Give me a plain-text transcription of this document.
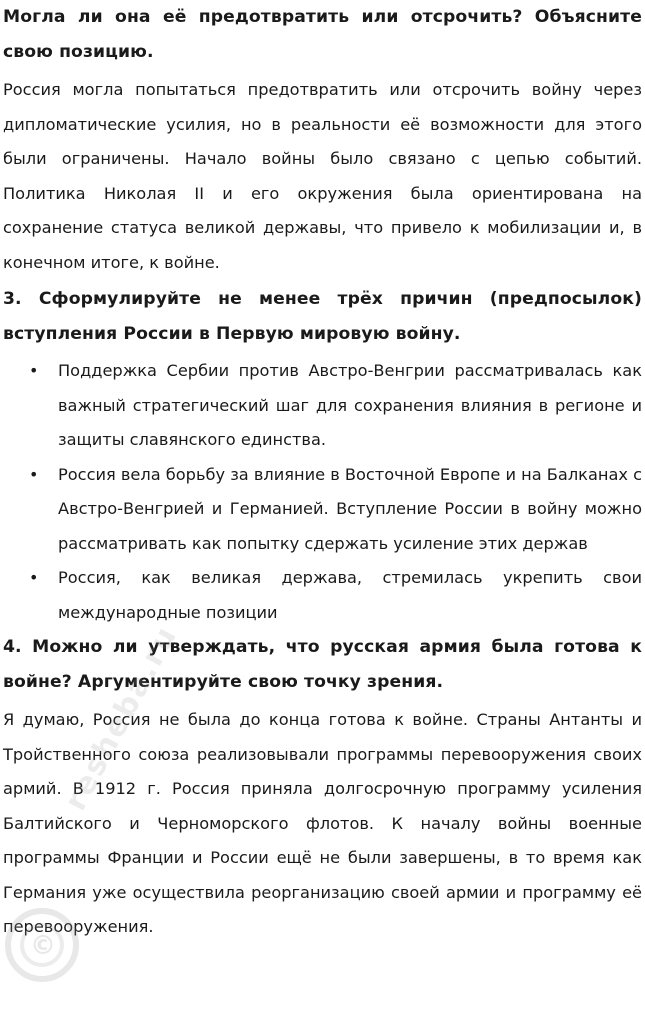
Могла ли она её предотвратить или отсрочить? Объясните свою позицию.

Россия могла попытаться предотвратить или отсрочить войну через дипломатические усилия, но в реальности её возможности для этого были ограничены. Начало войны было связано с цепью событий. Политика Николая II и его окружения была ориентирована на сохранение статуса великой державы, что привело к мобилизации и, в конечном итоге, к войне.

3. Сформулируйте не менее трёх причин (предпосылок) вступления России в Первую мировую войну.

• Поддержка Сербии против Австро-Венгрии рассматривалась как важный стратегический шаг для сохранения влияния в регионе и защиты славянского единства.
• Россия вела борьбу за влияние в Восточной Европе и на Балканах с Австро-Венгрией и Германией. Вступление России в войну можно рассматривать как попытку сдержать усиление этих держав
• Россия, как великая держава, стремилась укрепить свои международные позиции

4. Можно ли утверждать, что русская армия была готова к войне? Аргументируйте свою точку зрения.

Я думаю, Россия не была до конца готова к войне. Страны Антанты и Тройственного союза реализовывали программы перевооружения своих армий. В 1912 г. Россия приняла долгосрочную программу усиления Балтийского и Черноморского флотов. К началу войны военные программы Франции и России ещё не были завершены, в то время как Германия уже осуществила реорганизацию своей армии и программу её перевооружения.

©
resheba.ru
